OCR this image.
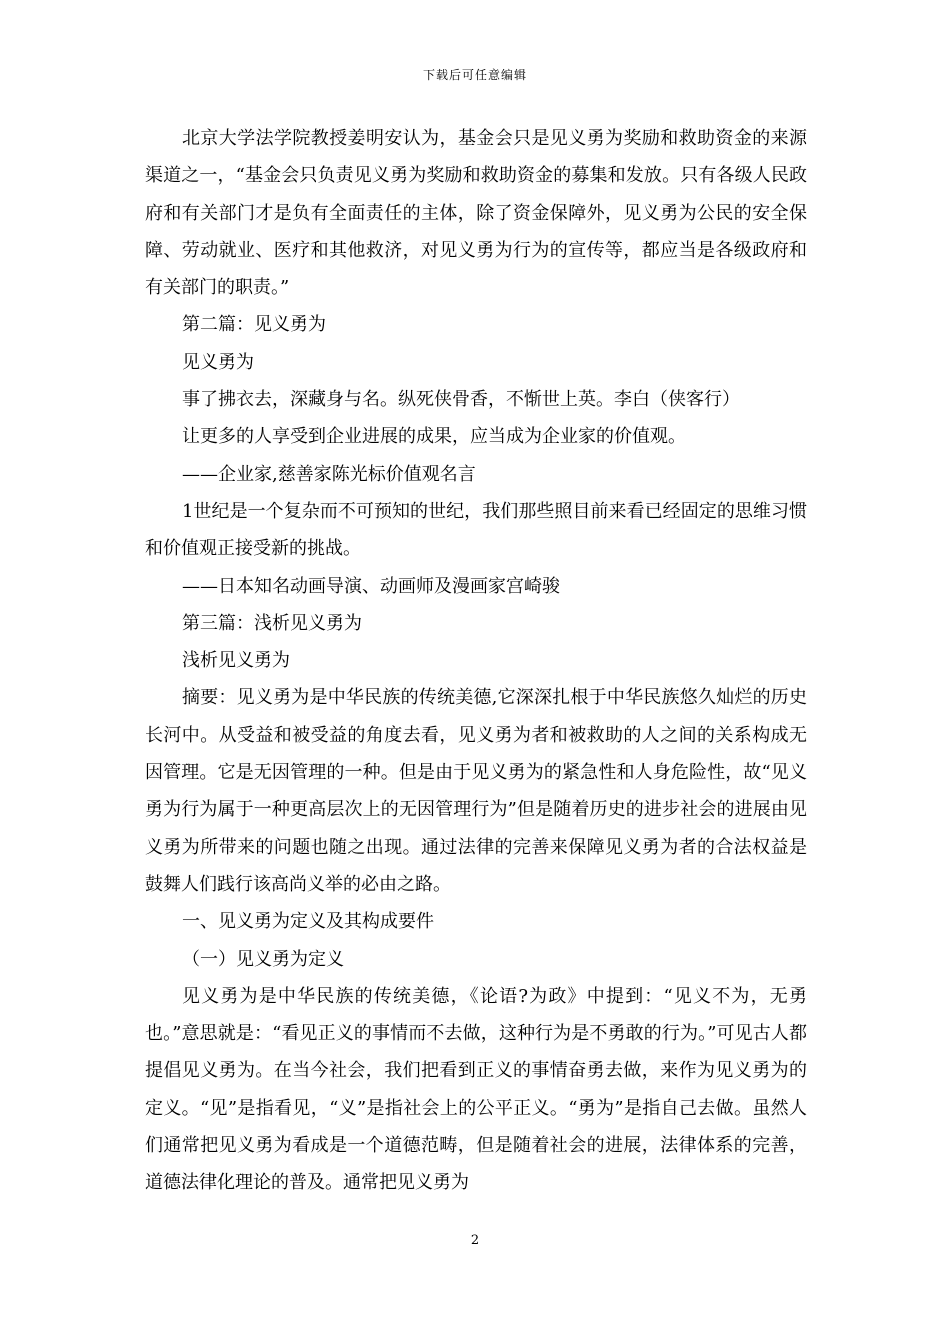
下载后可任意编辑

北京大学法学院教授姜明安认为，基金会只是见义勇为奖励和救助资金的来源渠道之一，“基金会只负责见义勇为奖励和救助资金的募集和发放。只有各级人民政府和有关部门才是负有全面责任的主体，除了资金保障外，见义勇为公民的安全保障、劳动就业、医疗和其他救济，对见义勇为行为的宣传等，都应当是各级政府和有关部门的职责。”

第二篇：见义勇为

见义勇为

事了拂衣去，深藏身与名。纵死侠骨香，不惭世上英。李白（侠客行）

让更多的人享受到企业进展的成果，应当成为企业家的价值观。

——企业家,慈善家陈光标价值观名言

1世纪是一个复杂而不可预知的世纪，我们那些照目前来看已经固定的思维习惯和价值观正接受新的挑战。

——日本知名动画导演、动画师及漫画家宫崎骏

第三篇：浅析见义勇为

浅析见义勇为

摘要：见义勇为是中华民族的传统美德,它深深扎根于中华民族悠久灿烂的历史长河中。从受益和被受益的角度去看，见义勇为者和被救助的人之间的关系构成无因管理。它是无因管理的一种。但是由于见义勇为的紧急性和人身危险性，故“见义勇为行为属于一种更高层次上的无因管理行为”但是随着历史的进步社会的进展由见义勇为所带来的问题也随之出现。通过法律的完善来保障见义勇为者的合法权益是鼓舞人们践行该高尚义举的必由之路。

一、见义勇为定义及其构成要件

（一）见义勇为定义

见义勇为是中华民族的传统美德，《论语?为政》中提到：“见义不为，无勇也。”意思就是：“看见正义的事情而不去做，这种行为是不勇敢的行为。”可见古人都提倡见义勇为。在当今社会，我们把看到正义的事情奋勇去做，来作为见义勇为的定义。“见”是指看见，“义”是指社会上的公平正义。“勇为”是指自己去做。虽然人们通常把见义勇为看成是一个道德范畴，但是随着社会的进展，法律体系的完善，道德法律化理论的普及。通常把见义勇为

2
